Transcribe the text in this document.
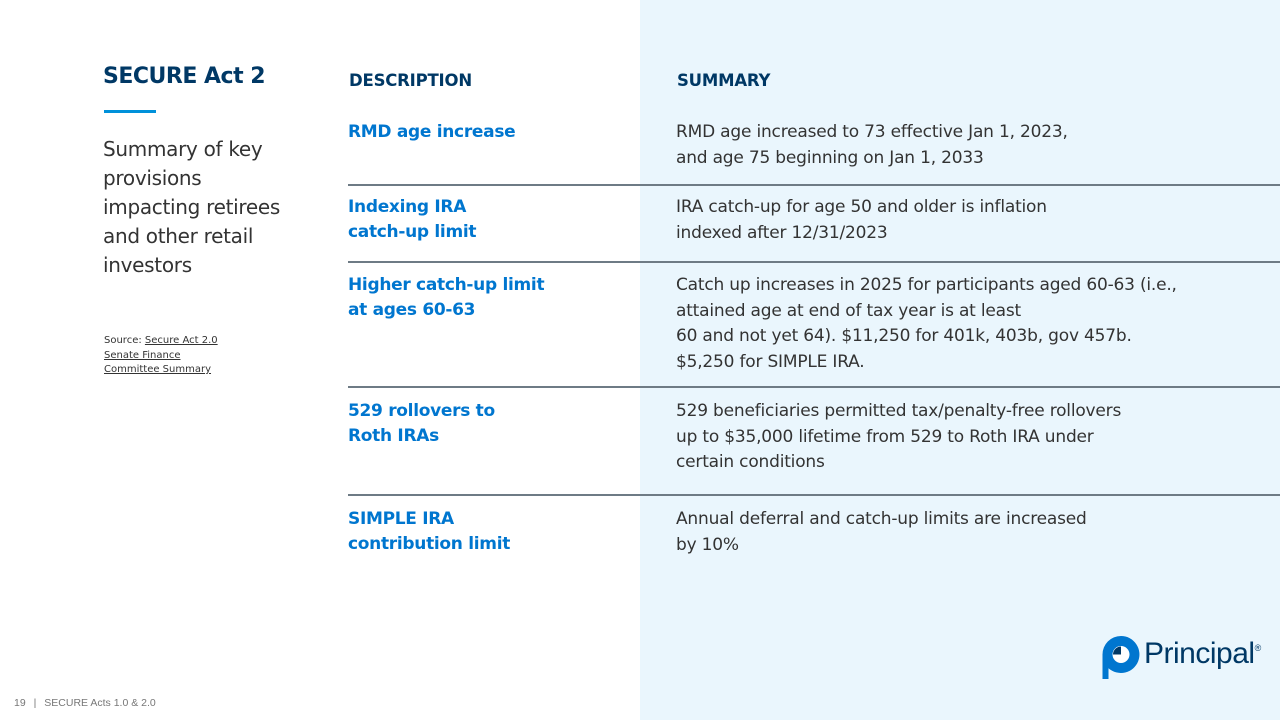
SECURE Act 2

Summary of key provisions impacting retirees and other retail investors

Source: Secure Act 2.0
Senate Finance
Committee Summary
DESCRIPTION	SUMMARY
RMD age increase	RMD age increased to 73 effective Jan 1, 2023,
and age 75 beginning on Jan 1, 2033
Indexing IRA
catch-up limit
IRA catch-up for age 50 and older is inflation
indexed after 12/31/2023
Higher catch-up limit
at ages 60-63
Catch up increases in 2025 for participants aged 60-63 (i.e.,
attained age at end of tax year is at least
60 and not yet 64). $11,250 for 401k, 403b, gov 457b.
$5,250 for SIMPLE IRA.
529 rollovers to
Roth IRAs
529 beneficiaries permitted tax/penalty-free rollovers
up to $35,000 lifetime from 529 to Roth IRA under
certain conditions
SIMPLE IRA
contribution limit
Annual deferral and catch-up limits are increased
by 10%
Principal®
19 | SECURE Acts 1.0 & 2.0
